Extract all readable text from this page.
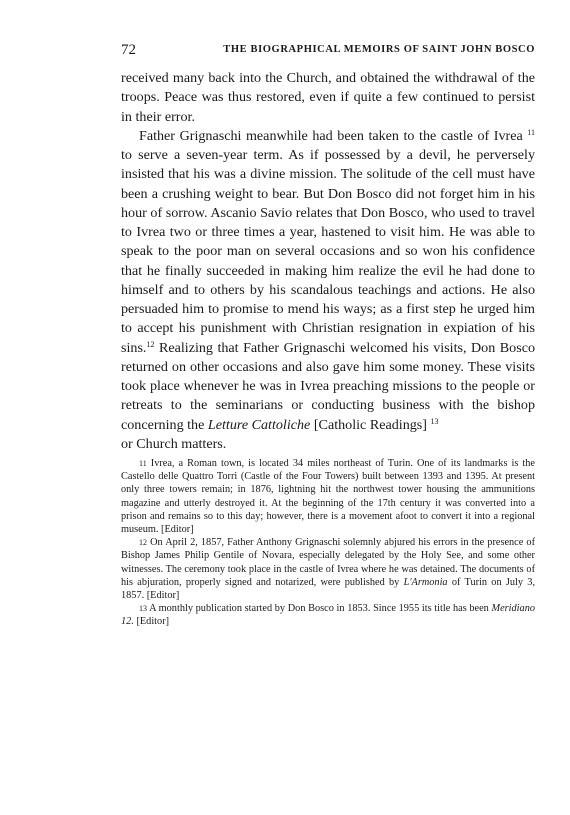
72	THE BIOGRAPHICAL MEMOIRS OF SAINT JOHN BOSCO

received many back into the Church, and obtained the withdrawal of the troops. Peace was thus restored, even if quite a few continued to persist in their error.

Father Grignaschi meanwhile had been taken to the castle of Ivrea $^{11}$ to serve a seven-year term. As if possessed by a devil, he perversely insisted that his was a divine mission. The solitude of the cell must have been a crushing weight to bear. But Don Bosco did not forget him in his hour of sorrow. Ascanio Savio relates that Don Bosco, who used to travel to Ivrea two or three times a year, hastened to visit him. He was able to speak to the poor man on several occasions and so won his confidence that he finally succeeded in making him realize the evil he had done to himself and to others by his scandalous teachings and actions. He also persuaded him to promise to mend his ways; as a first step he urged him to accept his punishment with Christian resignation in expiation of his sins.$^{12}$ Realizing that Father Grignaschi welcomed his visits, Don Bosco returned on other occasions and also gave him some money. These visits took place whenever he was in Ivrea preaching missions to the people or retreats to the seminarians or conducting business with the bishop concerning the Letture Cattoliche [Catholic Readings] $^{13}$
or Church matters.

11 Ivrea, a Roman town, is located 34 miles northeast of Turin. One of its landmarks is the Castello delle Quattro Torri (Castle of the Four Towers) built between 1393 and 1395. At present only three towers remain; in 1876, lightning hit the northwest tower housing the ammunitions magazine and utterly destroyed it. At the beginning of the 17th century it was converted into a prison and remains so to this day; however, there is a movement afoot to convert it into a regional museum. [Editor]

12 On April 2, 1857, Father Anthony Grignaschi solemnly abjured his errors in the presence of Bishop James Philip Gentile of Novara, especially delegated by the Holy See, and some other witnesses. The ceremony took place in the castle of Ivrea where he was detained. The documents of his abjuration, properly signed and notarized, were published by L'Armonia of Turin on July 3, 1857. [Editor]

13 A monthly publication started by Don Bosco in 1853. Since 1955 its title has been Meridiano 12. [Editor]
